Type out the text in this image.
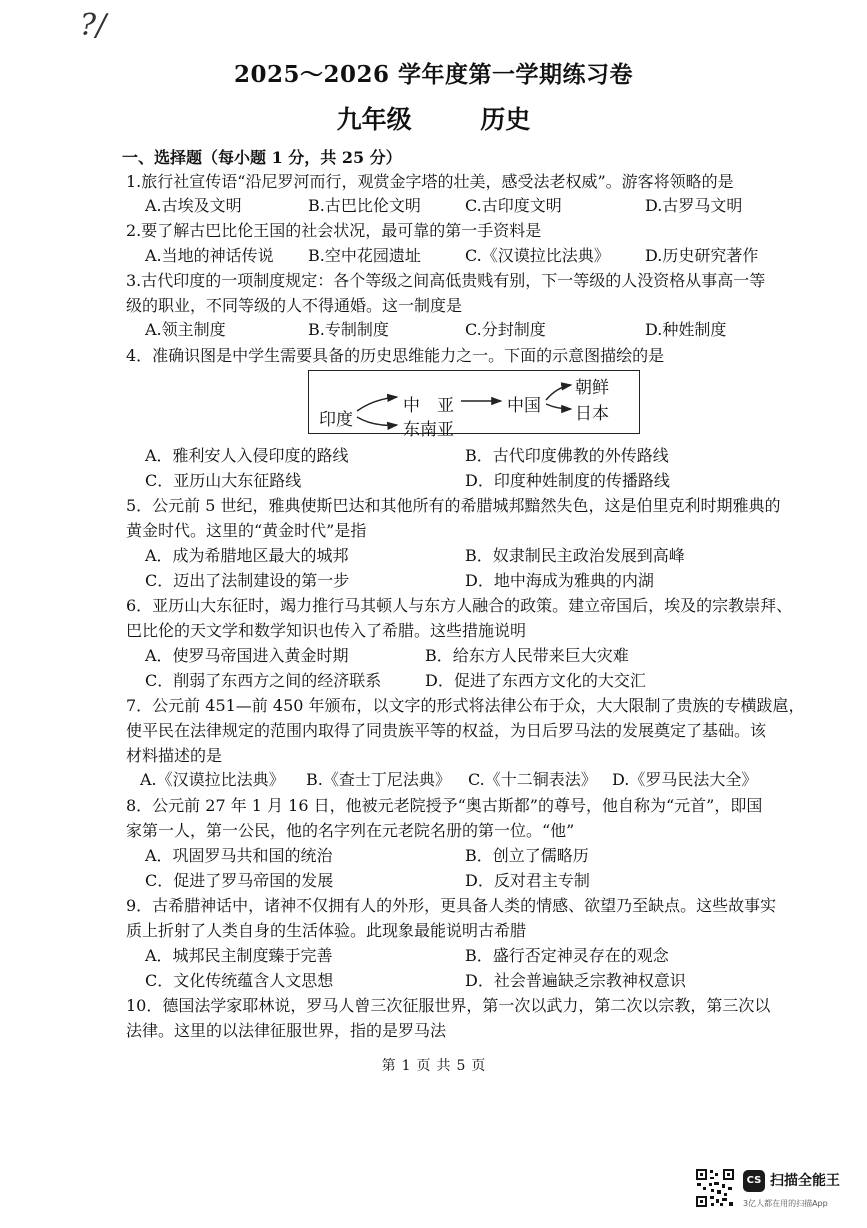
?/
2025～2026 学年度第一学期练习卷
九年级	历史
一、选择题（每小题 1 分，共 25 分）
1.旅行社宣传语“沿尼罗河而行，观赏金字塔的壮美，感受法老权威”。游客将领略的是
A.古埃及文明	B.古巴比伦文明	C.古印度文明	D.古罗马文明
2.要了解古巴比伦王国的社会状况，最可靠的第一手资料是
A.当地的神话传说 B.空中花园遗址	C.《汉谟拉比法典》 D.历史研究著作
3.古代印度的一项制度规定：各个等级之间高低贵贱有别，下一等级的人没资格从事高一等
级的职业，不同等级的人不得通婚。这一制度是
A.领主制度	B.专制制度	C.分封制度	D.种姓制度
4．准确识图是中学生需要具备的历史思维能力之一。下面的示意图描绘的是
印度
中　亚
东南亚
中国
朝鲜
日本
A．雅利安人入侵印度的路线	B．古代印度佛教的外传路线
C．亚历山大东征路线	D．印度种姓制度的传播路线
5．公元前 5 世纪，雅典使斯巴达和其他所有的希腊城邦黯然失色，这是伯里克利时期雅典的
黄金时代。这里的“黄金时代”是指
A．成为希腊地区最大的城邦	B．奴隶制民主政治发展到高峰
C．迈出了法制建设的第一步	D．地中海成为雅典的内湖
6．亚历山大东征时，竭力推行马其顿人与东方人融合的政策。建立帝国后，埃及的宗教崇拜、
巴比伦的天文学和数学知识也传入了希腊。这些措施说明
A．使罗马帝国进入黄金时期	B．给东方人民带来巨大灾难
C．削弱了东西方之间的经济联系	D．促进了东西方文化的大交汇
7．公元前 451—前 450 年颁布，以文字的形式将法律公布于众，大大限制了贵族的专横跋扈，
使平民在法律规定的范围内取得了同贵族平等的权益，为日后罗马法的发展奠定了基础。该
材料描述的是
A.《汉谟拉比法典》 B.《查士丁尼法典》 C.《十二铜表法》 D.《罗马民法大全》
8．公元前 27 年 1 月 16 日，他被元老院授予“奥古斯都”的尊号，他自称为“元首”，即国
家第一人，第一公民，他的名字列在元老院名册的第一位。“他”
A．巩固罗马共和国的统治	B．创立了儒略历
C．促进了罗马帝国的发展	D．反对君主专制
9．古希腊神话中，诸神不仅拥有人的外形，更具备人类的情感、欲望乃至缺点。这些故事实
质上折射了人类自身的生活体验。此现象最能说明古希腊
A．城邦民主制度臻于完善	B．盛行否定神灵存在的观念
C．文化传统蕴含人文思想	D．社会普遍缺乏宗教神权意识
10．德国法学家耶林说，罗马人曾三次征服世界，第一次以武力，第二次以宗教，第三次以
法律。这里的以法律征服世界，指的是罗马法
第 1 页 共 5 页
CS 扫描全能王
3亿人都在用的扫描App
